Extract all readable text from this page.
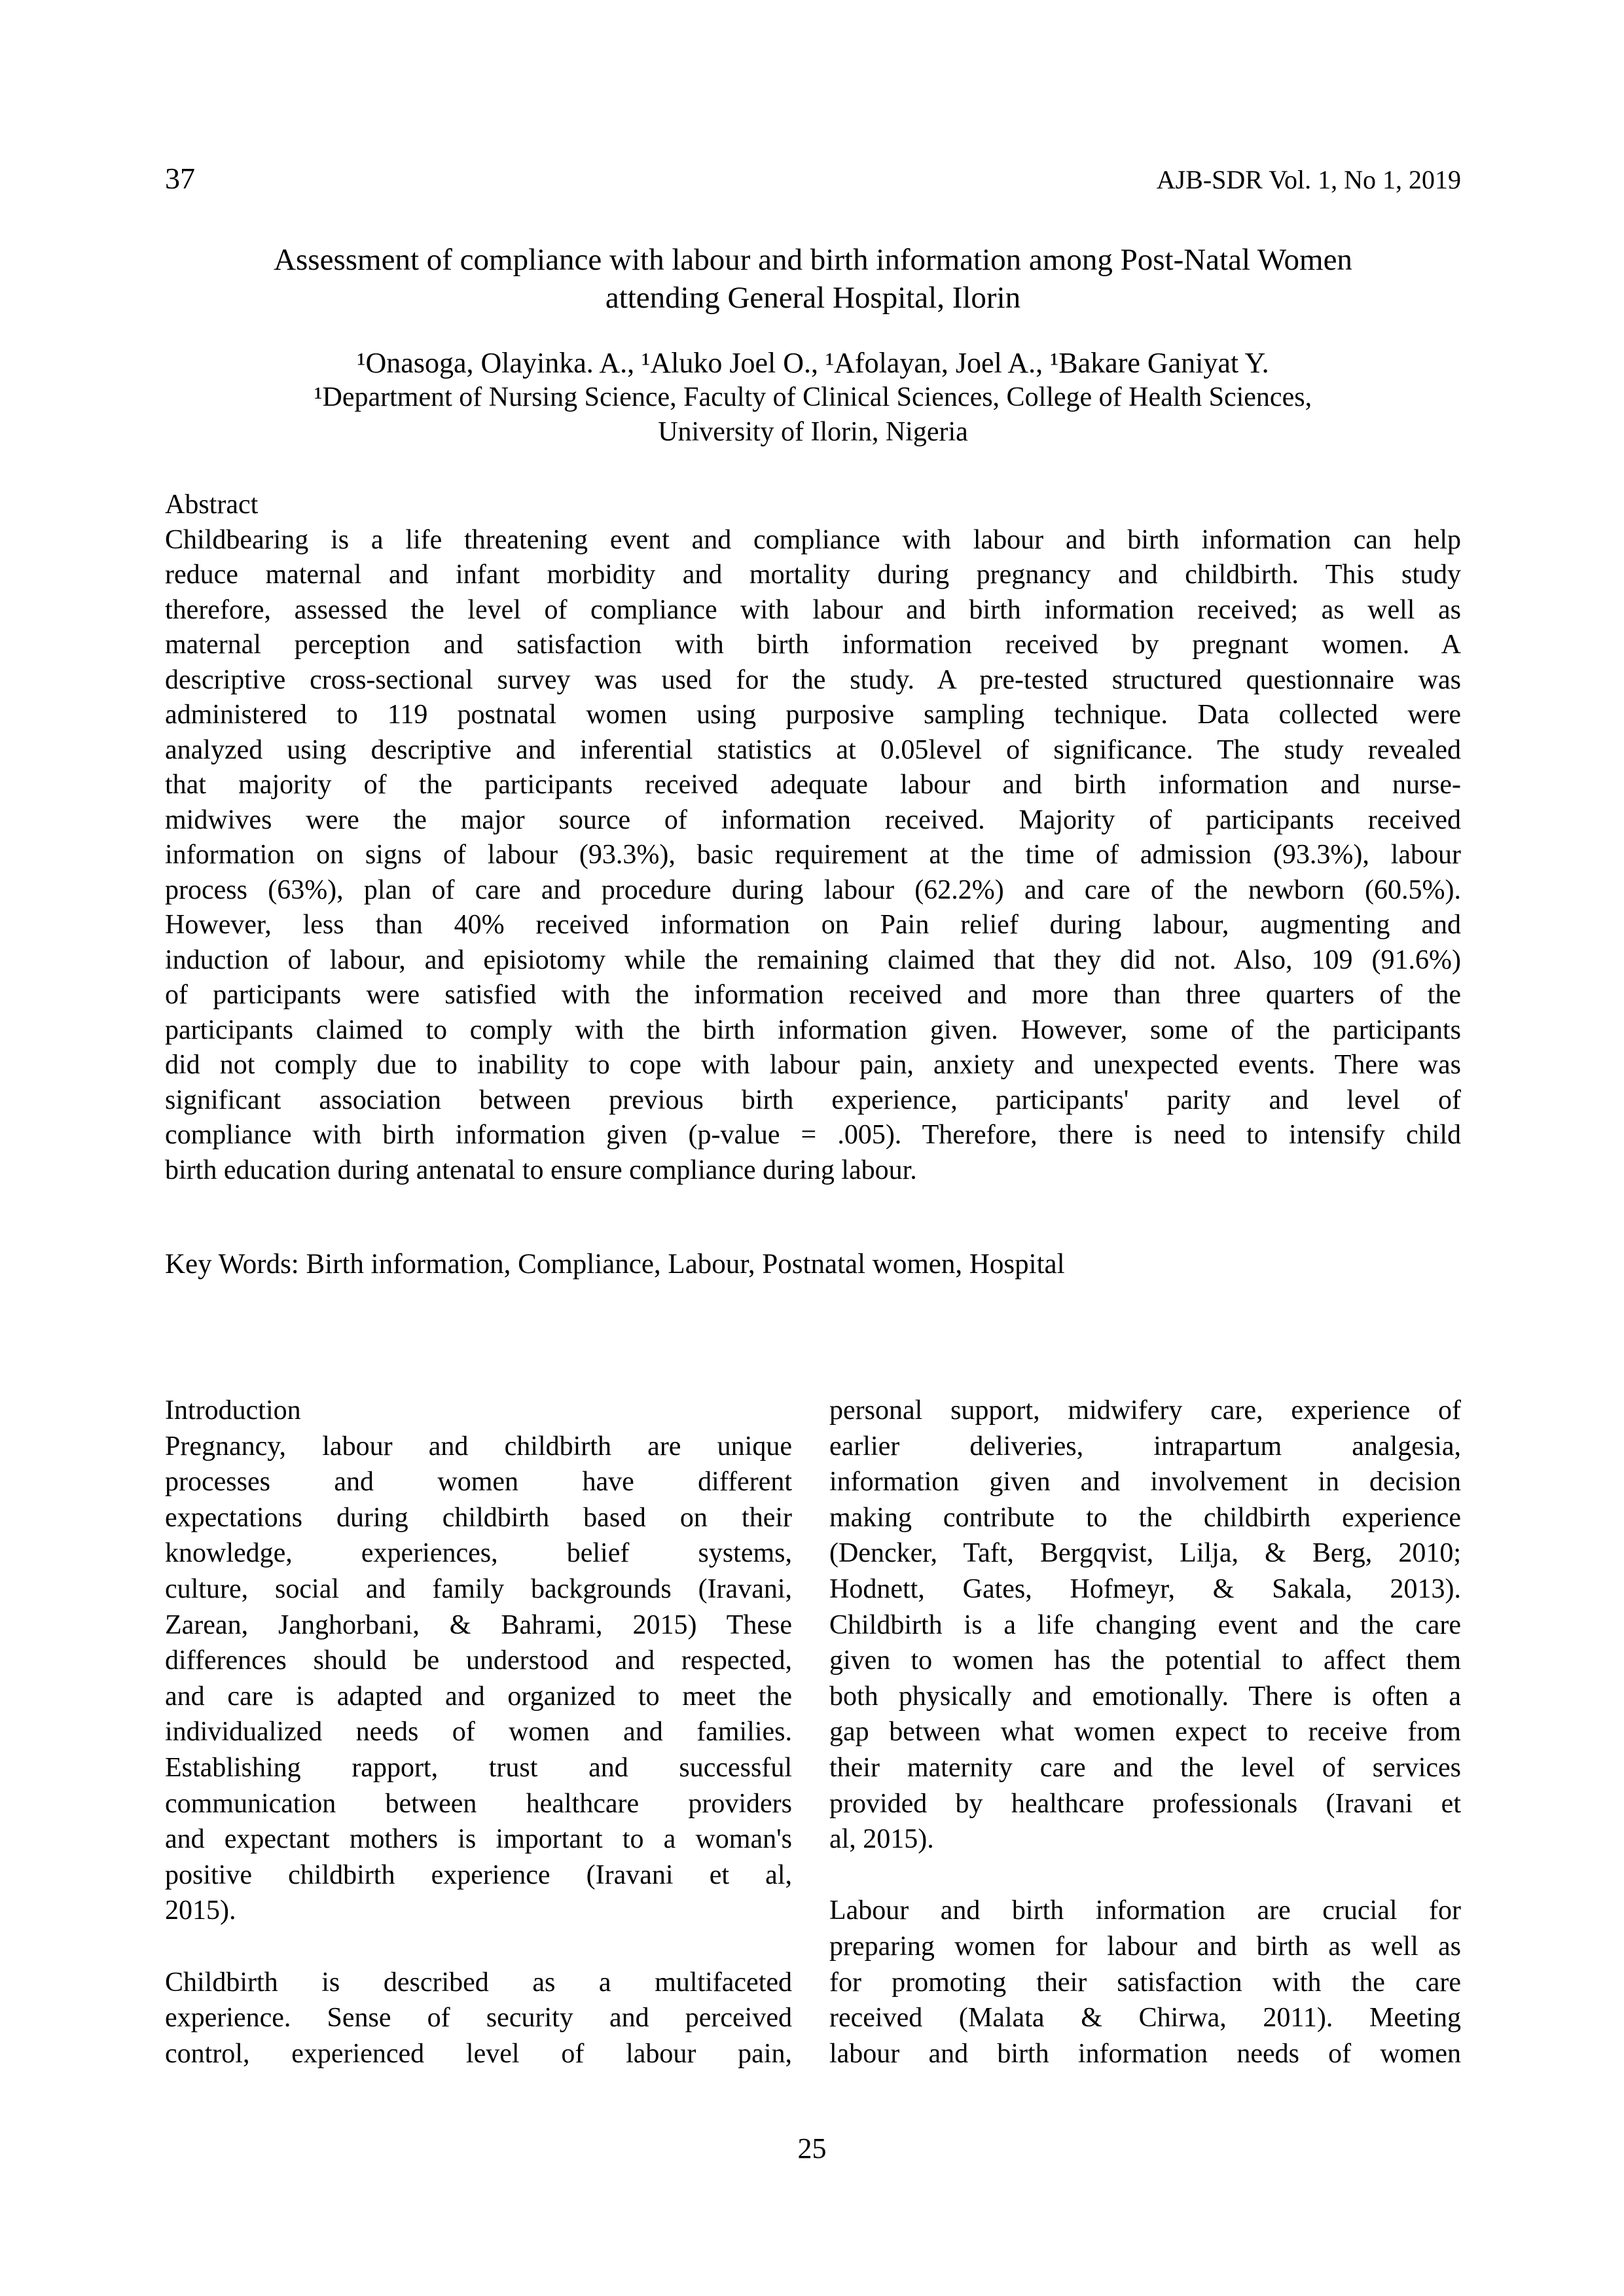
37	AJB-SDR Vol. 1, No 1, 2019
Assessment of compliance with labour and birth information among Post-Natal Women
attending General Hospital, Ilorin
¹Onasoga, Olayinka. A., ¹Aluko Joel O., ¹Afolayan, Joel A., ¹Bakare Ganiyat Y.
¹Department of Nursing Science, Faculty of Clinical Sciences, College of Health Sciences,
University of Ilorin, Nigeria
Abstract
Childbearing is a life threatening event and compliance with labour and birth information can help
reduce maternal and infant morbidity and mortality during pregnancy and childbirth. This study
therefore, assessed the level of compliance with labour and birth information received; as well as
maternal perception and satisfaction with birth information received by pregnant women. A
descriptive cross-sectional survey was used for the study. A pre-tested structured questionnaire was
administered to 119 postnatal women using purposive sampling technique. Data collected were
analyzed using descriptive and inferential statistics at 0.05level of significance. The study revealed
that majority of the participants received adequate labour and birth information and nurse-
midwives were the major source of information received. Majority of participants received
information on signs of labour (93.3%), basic requirement at the time of admission (93.3%), labour
process (63%), plan of care and procedure during labour (62.2%) and care of the newborn (60.5%).
However, less than 40% received information on Pain relief during labour, augmenting and
induction of labour, and episiotomy while the remaining claimed that they did not. Also, 109 (91.6%)
of participants were satisfied with the information received and more than three quarters of the
participants claimed to comply with the birth information given. However, some of the participants
did not comply due to inability to cope with labour pain, anxiety and unexpected events. There was
significant association between previous birth experience, participants' parity and level of
compliance with birth information given (p-value = .005). Therefore, there is need to intensify child
birth education during antenatal to ensure compliance during labour.
Key Words: Birth information, Compliance, Labour, Postnatal women, Hospital
Introduction
Pregnancy, labour and childbirth are unique
processes and women have different
expectations during childbirth based on their
knowledge, experiences, belief systems,
culture, social and family backgrounds (Iravani,
Zarean, Janghorbani, & Bahrami, 2015) These
differences should be understood and respected,
and care is adapted and organized to meet the
individualized needs of women and families.
Establishing rapport, trust and successful
communication between healthcare providers
and expectant mothers is important to a woman's
positive childbirth experience (Iravani et al,
2015).
Childbirth is described as a multifaceted
experience. Sense of security and perceived
control, experienced level of labour pain,
personal support, midwifery care, experience of
earlier deliveries, intrapartum analgesia,
information given and involvement in decision
making contribute to the childbirth experience
(Dencker, Taft, Bergqvist, Lilja, & Berg, 2010;
Hodnett, Gates, Hofmeyr, & Sakala, 2013).
Childbirth is a life changing event and the care
given to women has the potential to affect them
both physically and emotionally. There is often a
gap between what women expect to receive from
their maternity care and the level of services
provided by healthcare professionals (Iravani et
al, 2015).
Labour and birth information are crucial for
preparing women for labour and birth as well as
for promoting their satisfaction with the care
received (Malata & Chirwa, 2011). Meeting
labour and birth information needs of women
25
